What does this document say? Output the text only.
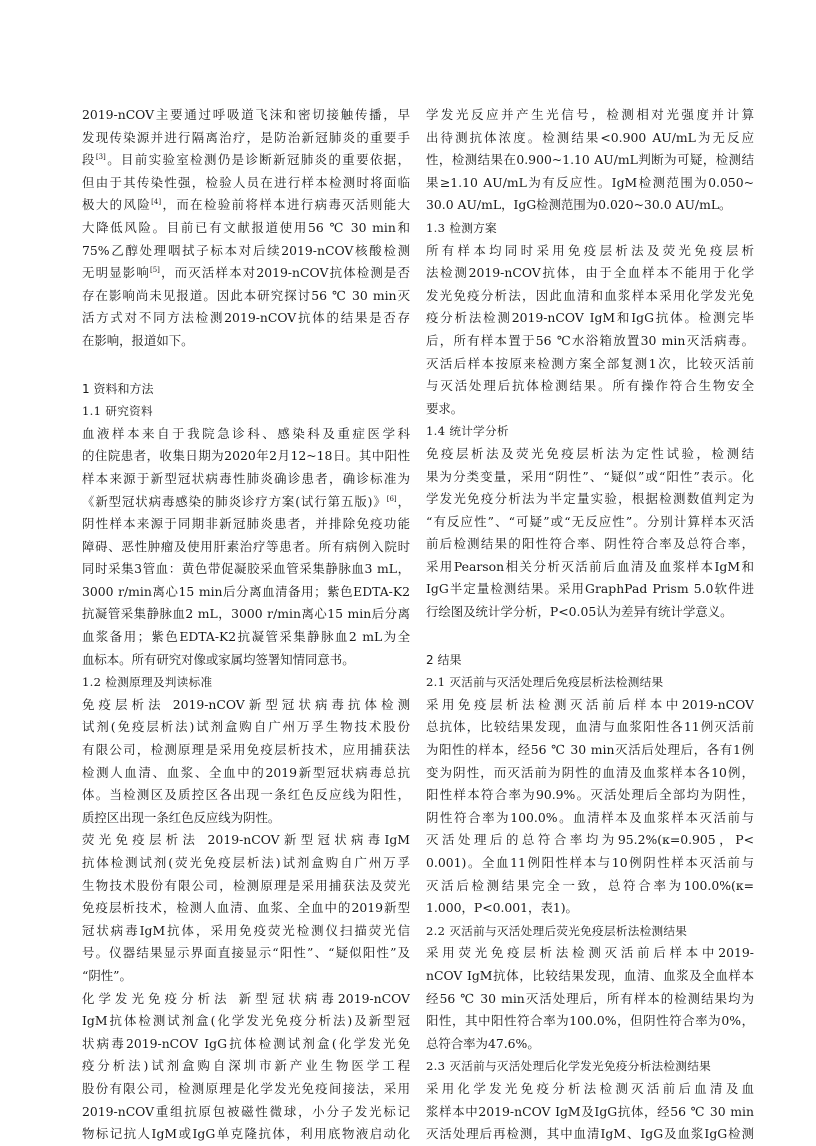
2019-nCOV主要通过呼吸道飞沫和密切接触传播，早
发现传染源并进行隔离治疗，是防治新冠肺炎的重要手
段[3]。目前实验室检测仍是诊断新冠肺炎的重要依据，
但由于其传染性强，检验人员在进行样本检测时将面临
极大的风险[4]，而在检验前将样本进行病毒灭活则能大
大降低风险。目前已有文献报道使用56 ℃ 30 min和
75%乙醇处理咽拭子标本对后续2019-nCOV核酸检测
无明显影响[5]，而灭活样本对2019-nCOV抗体检测是否
存在影响尚未见报道。因此本研究探讨56 ℃ 30 min灭
活方式对不同方法检测2019-nCOV抗体的结果是否存
在影响，报道如下。
1 资料和方法
1.1 研究资料
血液样本来自于我院急诊科、感染科及重症医学科
的住院患者，收集日期为2020年2月12~18日。其中阳性
样本来源于新型冠状病毒性肺炎确诊患者，确诊标准为
《新型冠状病毒感染的肺炎诊疗方案(试行第五版)》[6]，
阴性样本来源于同期非新冠肺炎患者，并排除免疫功能
障碍、恶性肿瘤及使用肝素治疗等患者。所有病例入院时
同时采集3管血：黄色带促凝胶采血管采集静脉血3 mL，
3000 r/min离心15 min后分离血清备用；紫色EDTA-K2
抗凝管采集静脉血2 mL，3000 r/min离心15 min后分离
血浆备用；紫色EDTA-K2抗凝管采集静脉血2 mL为全
血标本。所有研究对像或家属均签署知情同意书。
1.2 检测原理及判读标准
免疫层析法 2019-nCOV新型冠状病毒抗体检测
试剂(免疫层析法)试剂盒购自广州万孚生物技术股份
有限公司，检测原理是采用免疫层析技术，应用捕获法
检测人血清、血浆、全血中的2019新型冠状病毒总抗
体。当检测区及质控区各出现一条红色反应线为阳性，
质控区出现一条红色反应线为阴性。
荧光免疫层析法 2019-nCOV新型冠状病毒IgM
抗体检测试剂(荧光免疫层析法)试剂盒购自广州万孚
生物技术股份有限公司，检测原理是采用捕获法及荧光
免疫层析技术，检测人血清、血浆、全血中的2019新型
冠状病毒IgM抗体，采用免疫荧光检测仪扫描荧光信
号。仪器结果显示界面直接显示“阳性”、“疑似阳性”及
“阴性”。
化学发光免疫分析法 新型冠状病毒2019-nCOV
IgM抗体检测试剂盒(化学发光免疫分析法)及新型冠
状病毒2019-nCOV IgG抗体检测试剂盒(化学发光免
疫分析法)试剂盒购自深圳市新产业生物医学工程
股份有限公司，检测原理是化学发光免疫间接法，采用
2019-nCOV重组抗原包被磁性微球，小分子发光标记
物标记抗人IgM或IgG单克隆抗体，利用底物液启动化
学发光反应并产生光信号，检测相对光强度并计算
出待测抗体浓度。检测结果<0.900 AU/mL为无反应
性，检测结果在0.900~1.10 AU/mL判断为可疑，检测结
果≥1.10 AU/mL为有反应性。IgM检测范围为0.050~
30.0 AU/mL，IgG检测范围为0.020~30.0 AU/mL。
1.3 检测方案
所有样本均同时采用免疫层析法及荧光免疫层析
法检测2019-nCOV抗体，由于全血样本不能用于化学
发光免疫分析法，因此血清和血浆样本采用化学发光免
疫分析法检测2019-nCOV IgM和IgG抗体。检测完毕
后，所有样本置于56 ℃水浴箱放置30 min灭活病毒。
灭活后样本按原来检测方案全部复测1次，比较灭活前
与灭活处理后抗体检测结果。所有操作符合生物安全
要求。
1.4 统计学分析
免疫层析法及荧光免疫层析法为定性试验，检测结
果为分类变量，采用“阴性”、“疑似”或“阳性”表示。化
学发光免疫分析法为半定量实验，根据检测数值判定为
“有反应性”、“可疑”或“无反应性”。分别计算样本灭活
前后检测结果的阳性符合率、阴性符合率及总符合率，
采用Pearson相关分析灭活前后血清及血浆样本IgM和
IgG半定量检测结果。采用GraphPad Prism 5.0软件进
行绘图及统计学分析，P<0.05认为差异有统计学意义。
2 结果
2.1 灭活前与灭活处理后免疫层析法检测结果
采用免疫层析法检测灭活前后样本中2019-nCOV
总抗体，比较结果发现，血清与血浆阳性各11例灭活前
为阳性的样本，经56 ℃ 30 min灭活后处理后，各有1例
变为阴性，而灭活前为阴性的血清及血浆样本各10例，
阳性样本符合率为90.9%。灭活处理后全部均为阴性，
阴性符合率为100.0%。血清样本及血浆样本灭活前与
灭活处理后的总符合率均为95.2%(κ=0.905，P<
0.001)。全血11例阳性样本与10例阴性样本灭活前与
灭活后检测结果完全一致，总符合率为100.0%(κ=
1.000，P<0.001，表1)。
2.2 灭活前与灭活处理后荧光免疫层析法检测结果
采用荧光免疫层析法检测灭活前后样本中2019-
nCOV IgM抗体，比较结果发现，血清、血浆及全血样本
经56 ℃ 30 min灭活处理后，所有样本的检测结果均为
阳性，其中阳性符合率为100.0%，但阴性符合率为0%，
总符合率为47.6%。
2.3 灭活前与灭活处理后化学发光免疫分析法检测结果
采用化学发光免疫分析法检测灭活前后血清及血
浆样本中2019-nCOV IgM及IgG抗体，经56 ℃ 30 min
灭活处理后再检测，其中血清IgM、IgG及血浆IgG检测
